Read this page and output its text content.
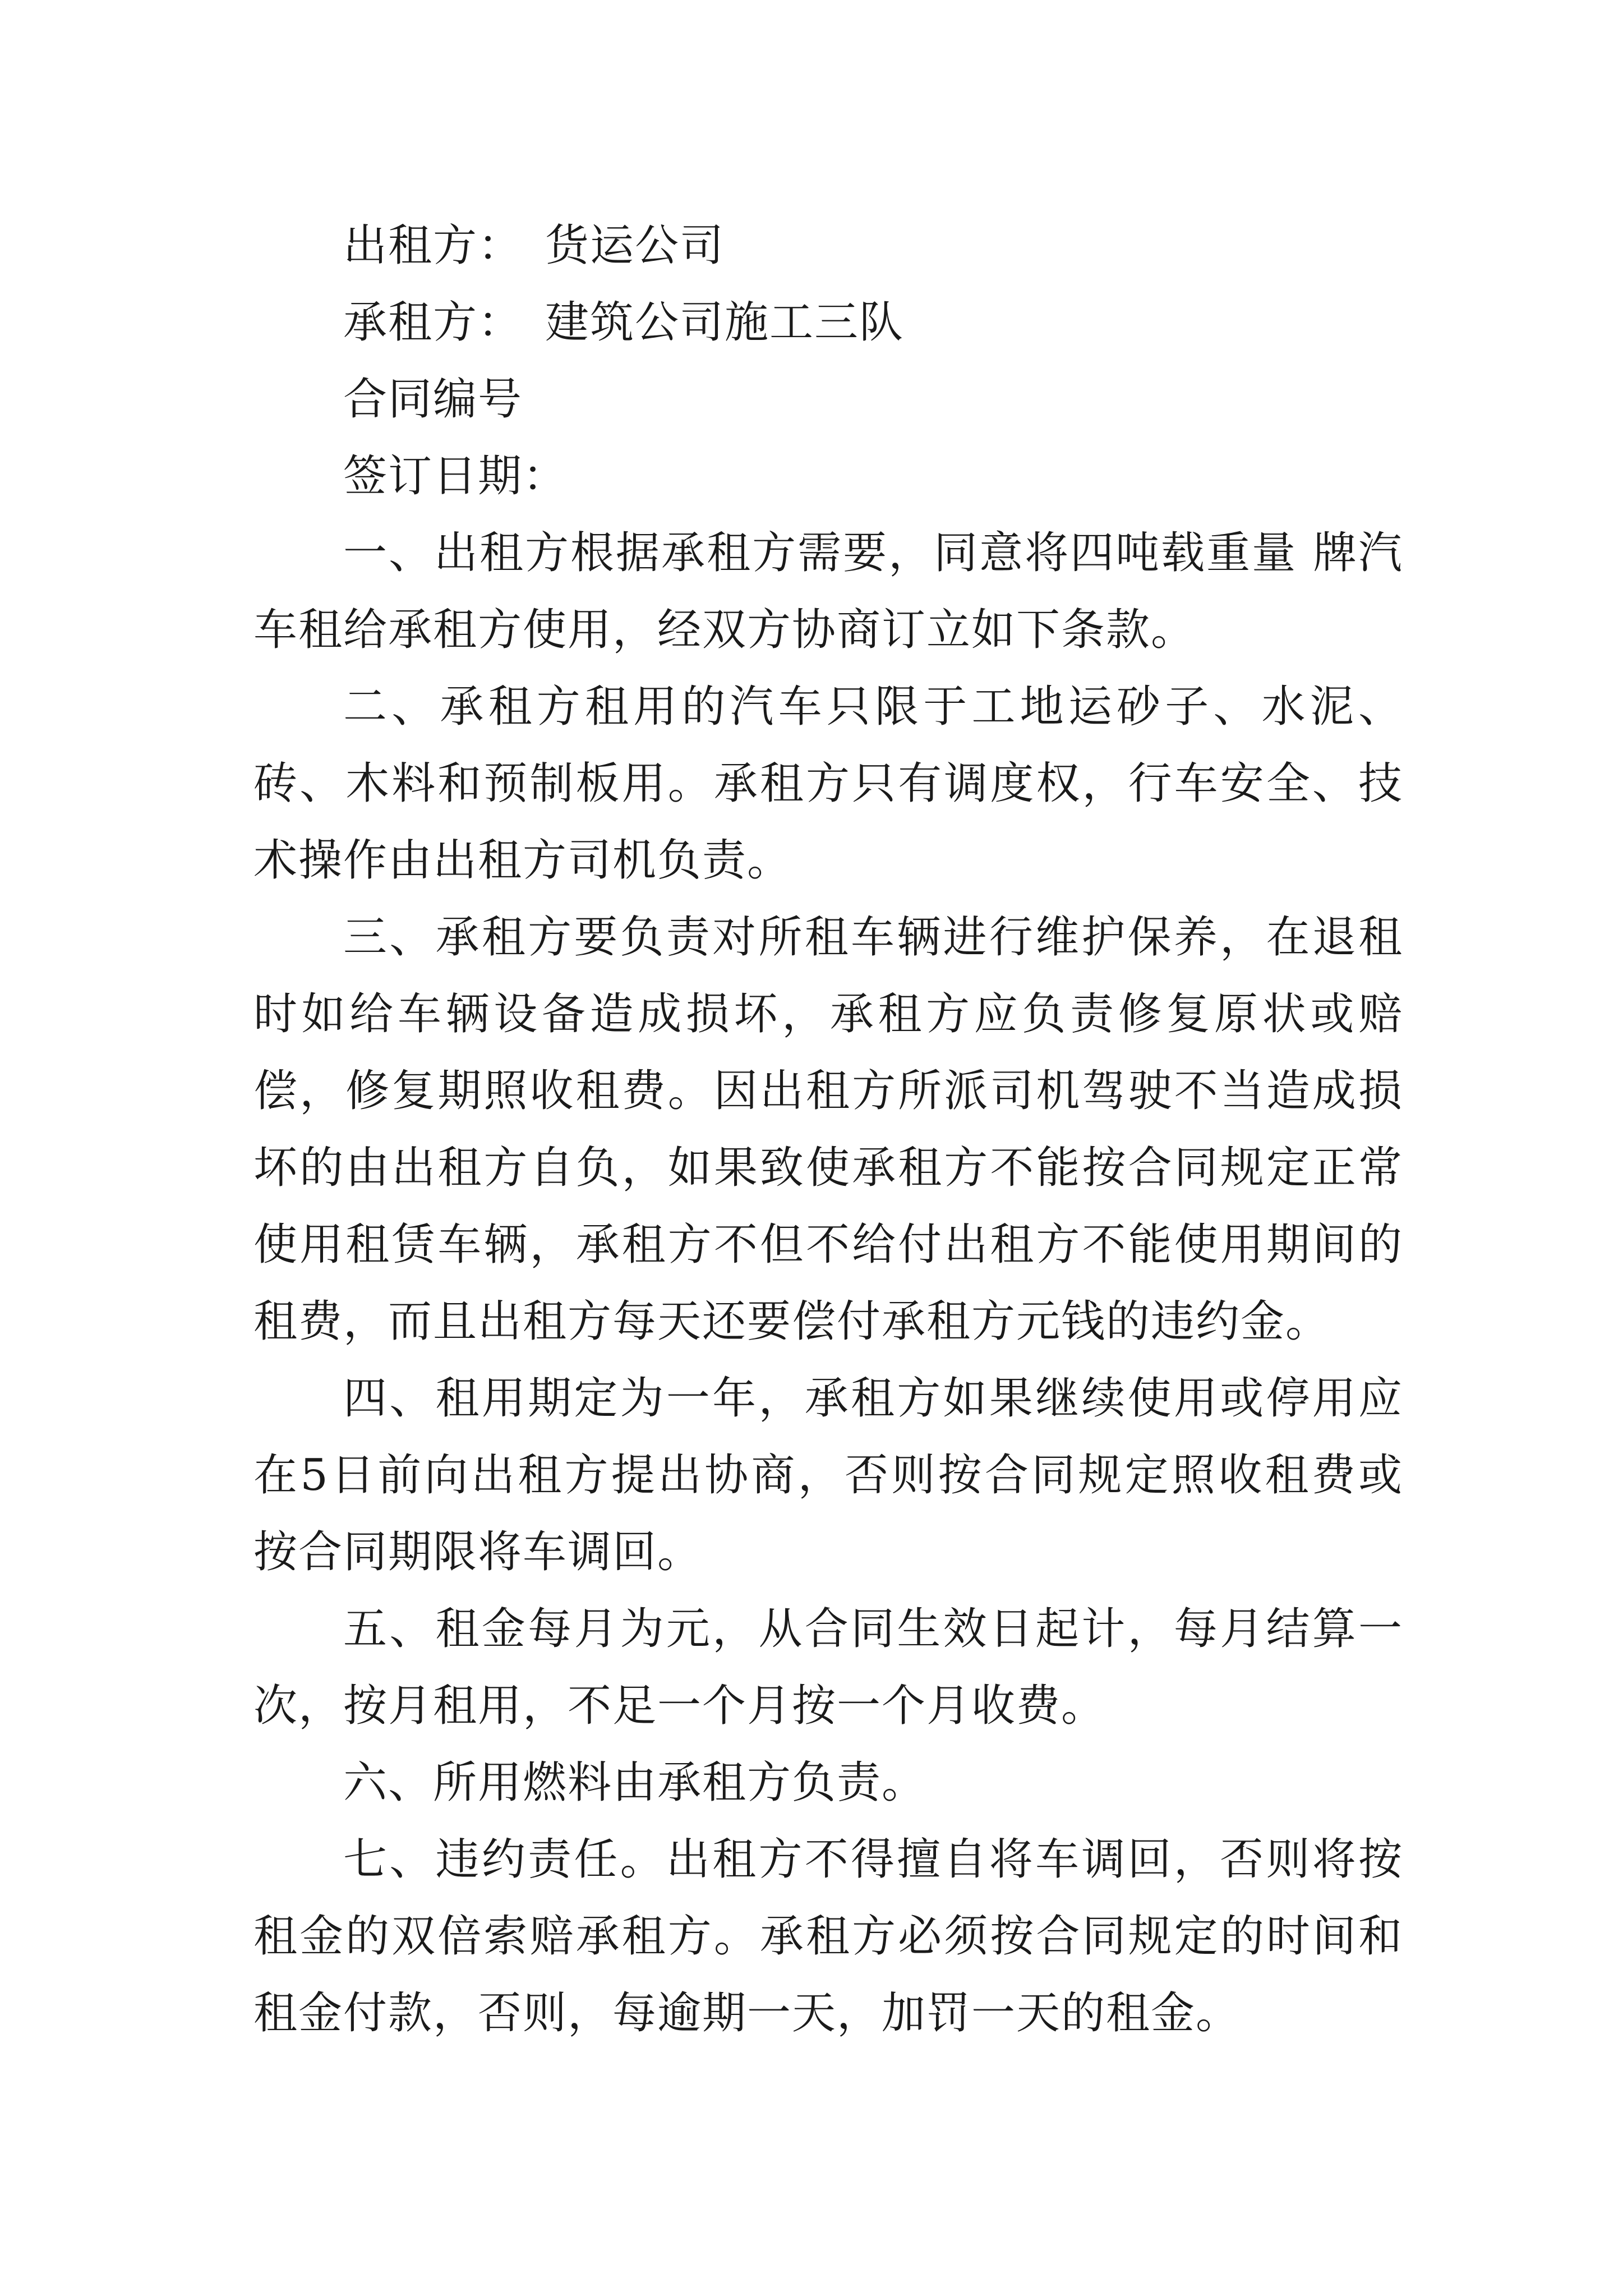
出租方： 货运公司

承租方： 建筑公司施工三队

合同编号

签订日期：

一、出租方根据承租方需要，同意将四吨载重量 牌汽车租给承租方使用，经双方协商订立如下条款。

二、承租方租用的汽车只限于工地运砂子、水泥、砖、木料和预制板用。承租方只有调度权，行车安全、技术操作由出租方司机负责。

三、承租方要负责对所租车辆进行维护保养，在退租时如给车辆设备造成损坏，承租方应负责修复原状或赔偿，修复期照收租费。因出租方所派司机驾驶不当造成损坏的由出租方自负，如果致使承租方不能按合同规定正常使用租赁车辆，承租方不但不给付出租方不能使用期间的租费，而且出租方每天还要偿付承租方元钱的违约金。

四、租用期定为一年，承租方如果继续使用或停用应在5日前向出租方提出协商，否则按合同规定照收租费或按合同期限将车调回。

五、租金每月为元，从合同生效日起计，每月结算一次，按月租用，不足一个月按一个月收费。

六、所用燃料由承租方负责。

七、违约责任。出租方不得擅自将车调回，否则将按租金的双倍索赔承租方。承租方必须按合同规定的时间和租金付款，否则，每逾期一天，加罚一天的租金。
